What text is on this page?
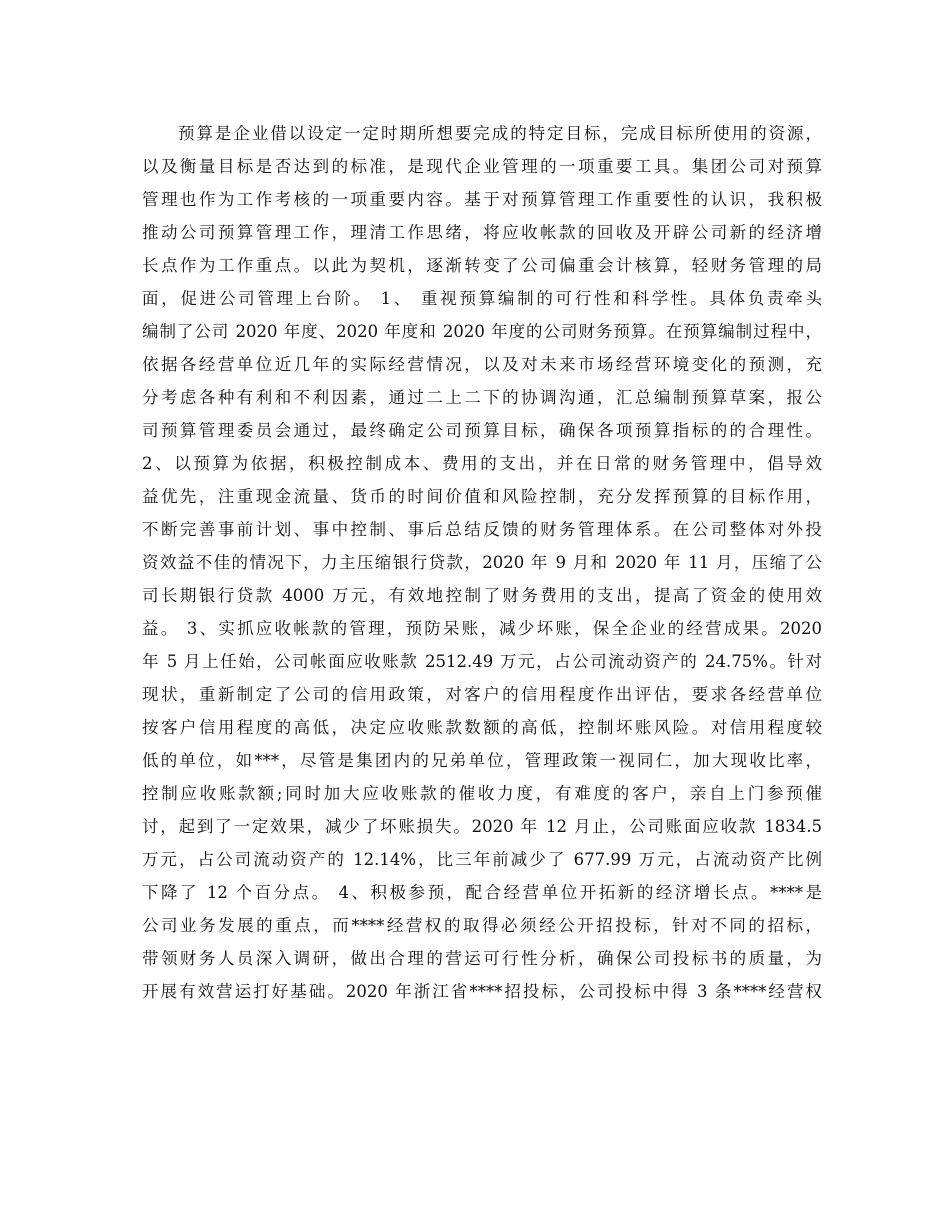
预算是企业借以设定一定时期所想要完成的特定目标，完成目标所使用的资源，
以及衡量目标是否达到的标准，是现代企业管理的一项重要工具。集团公司对预算
管理也作为工作考核的一项重要内容。基于对预算管理工作重要性的认识，我积极
推动公司预算管理工作，理清工作思绪，将应收帐款的回收及开辟公司新的经济增
长点作为工作重点。以此为契机，逐渐转变了公司偏重会计核算，轻财务管理的局
面，促进公司管理上台阶。 1、 重视预算编制的可行性和科学性。具体负责牵头
编制了公司 2020 年度、2020 年度和 2020 年度的公司财务预算。在预算编制过程中，
依据各经营单位近几年的实际经营情况，以及对未来市场经营环境变化的预测，充
分考虑各种有利和不利因素，通过二上二下的协调沟通，汇总编制预算草案，报公
司预算管理委员会通过，最终确定公司预算目标，确保各项预算指标的的合理性。
2、以预算为依据，积极控制成本、费用的支出，并在日常的财务管理中，倡导效
益优先，注重现金流量、货币的时间价值和风险控制，充分发挥预算的目标作用，
不断完善事前计划、事中控制、事后总结反馈的财务管理体系。在公司整体对外投
资效益不佳的情况下，力主压缩银行贷款，2020 年 9 月和 2020 年 11 月，压缩了公
司长期银行贷款 4000 万元，有效地控制了财务费用的支出，提高了资金的使用效
益。 3、实抓应收帐款的管理，预防呆账，减少坏账，保全企业的经营成果。2020
年 5 月上任始，公司帐面应收账款 2512.49 万元，占公司流动资产的 24.75%。针对
现状，重新制定了公司的信用政策，对客户的信用程度作出评估，要求各经营单位
按客户信用程度的高低，决定应收账款数额的高低，控制坏账风险。对信用程度较
低的单位，如***，尽管是集团内的兄弟单位，管理政策一视同仁，加大现收比率，
控制应收账款额;同时加大应收账款的催收力度，有难度的客户，亲自上门参预催
讨，起到了一定效果，减少了坏账损失。2020 年 12 月止，公司账面应收款 1834.5
万元，占公司流动资产的 12.14%，比三年前减少了 677.99 万元，占流动资产比例
下降了 12 个百分点。 4、积极参预，配合经营单位开拓新的经济增长点。****是
公司业务发展的重点，而****经营权的取得必须经公开招投标，针对不同的招标，
带领财务人员深入调研，做出合理的营运可行性分析，确保公司投标书的质量，为
开展有效营运打好基础。2020 年浙江省****招投标，公司投标中得 3 条****经营权
